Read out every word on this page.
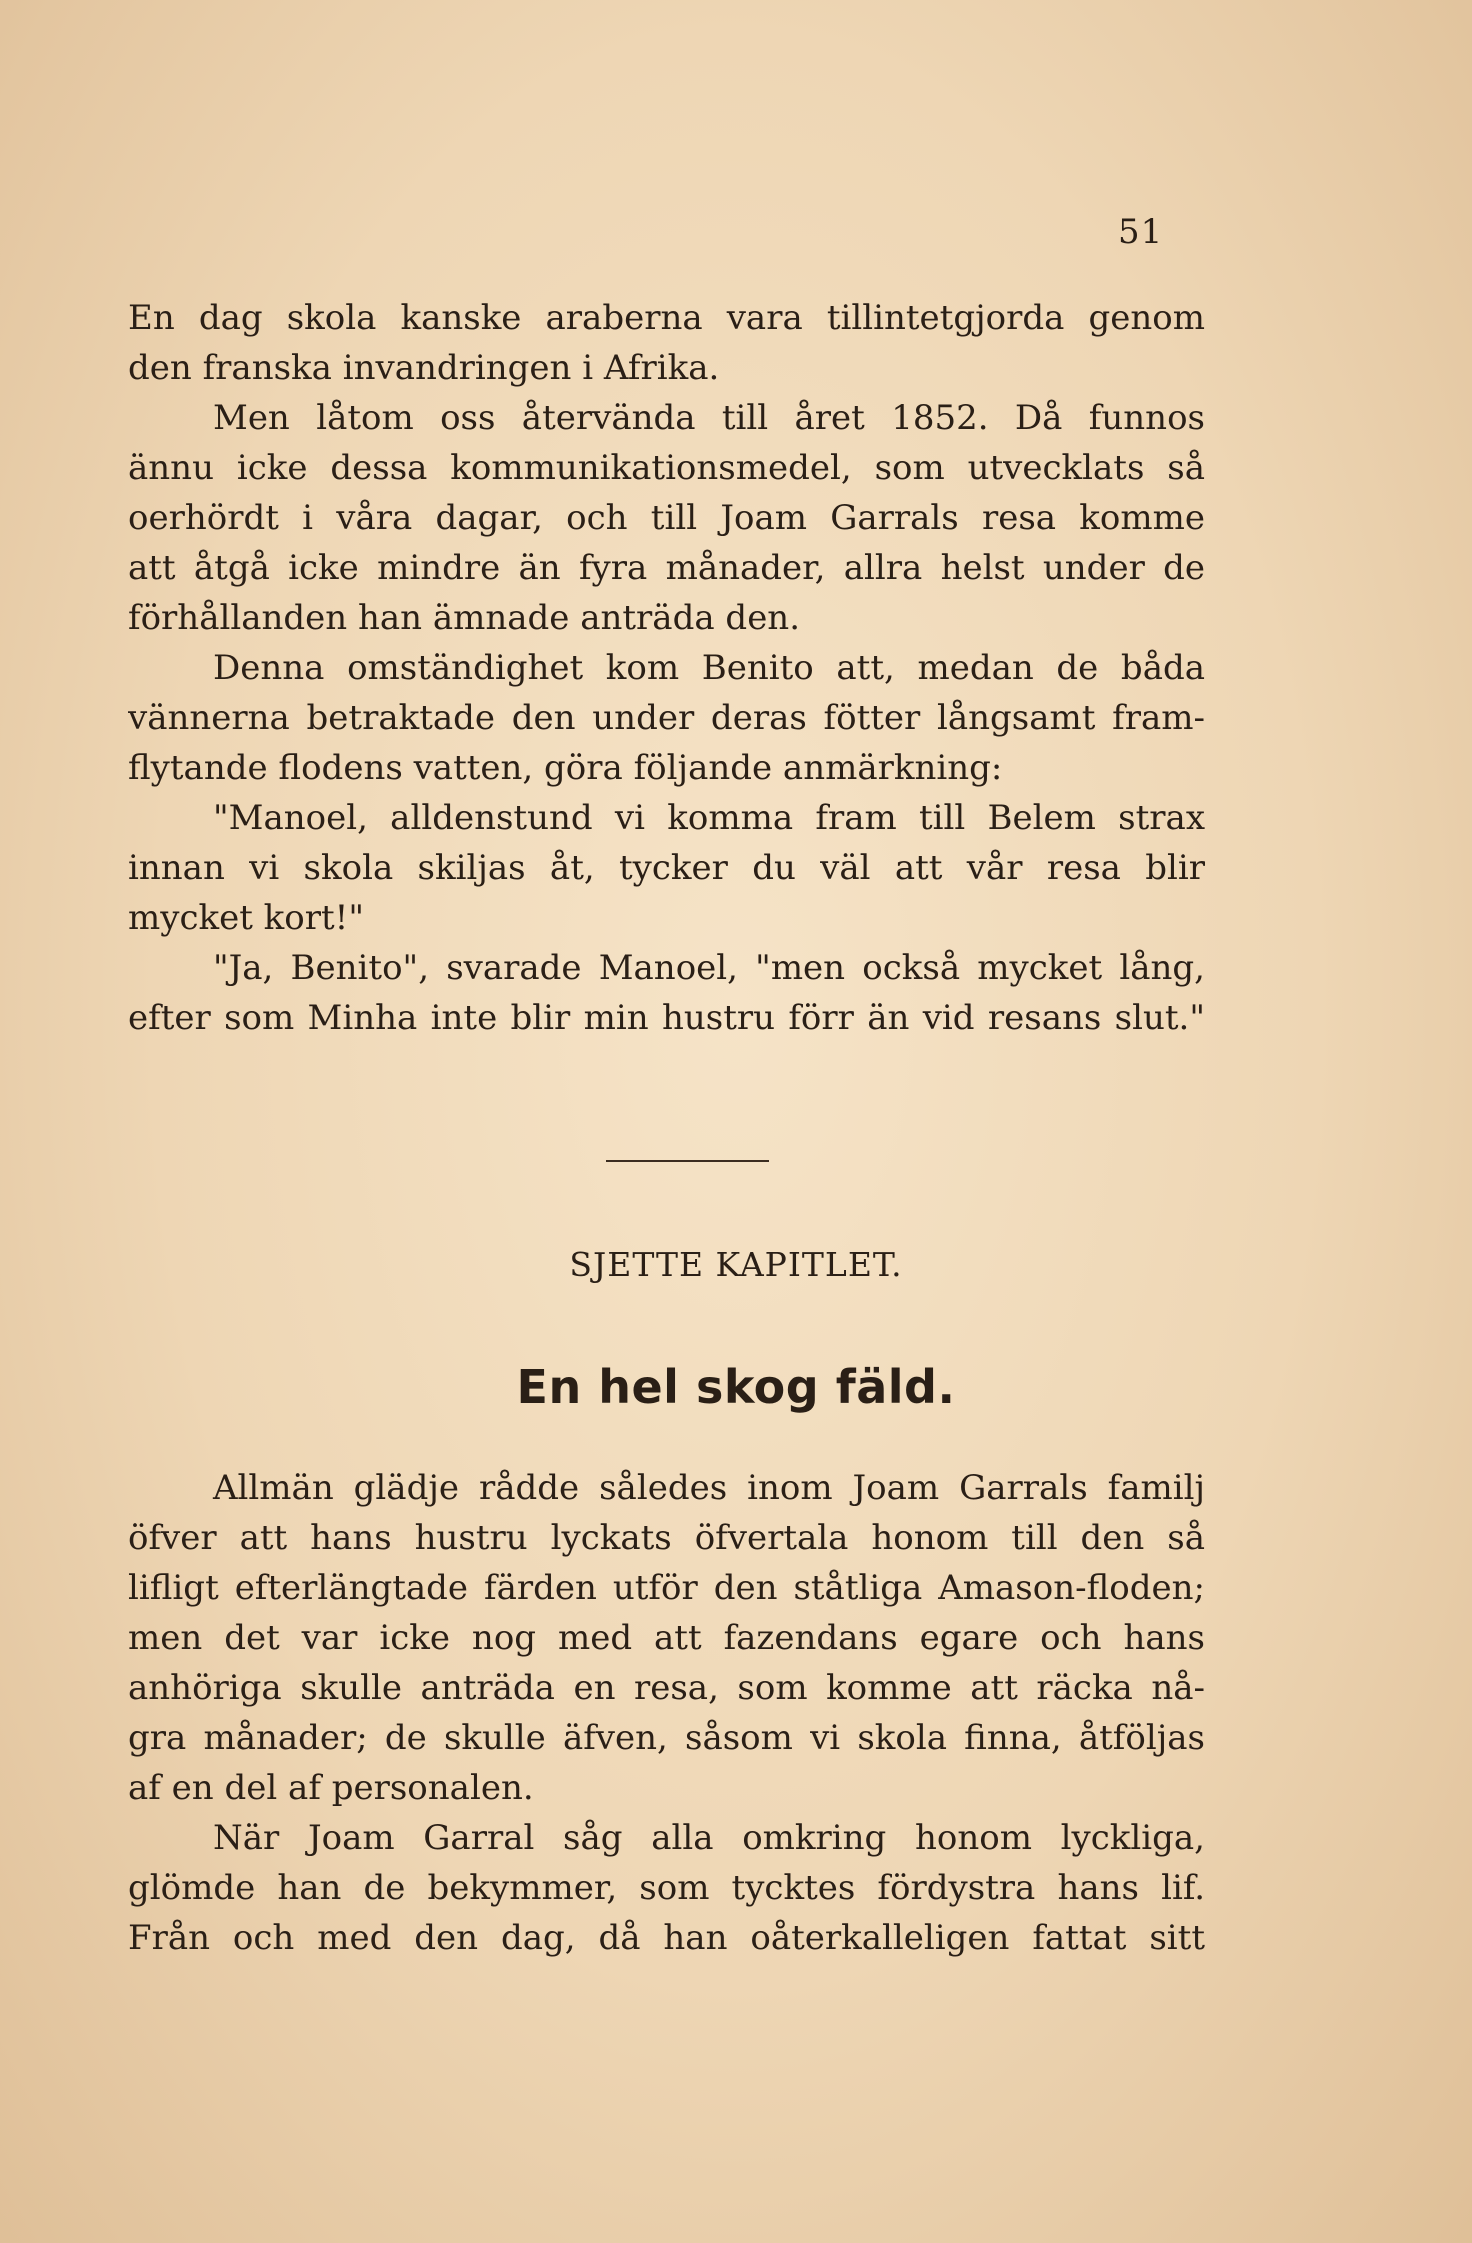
51
En dag skola kanske araberna vara tillintetgjorda genom
den franska invandringen i Afrika.
Men låtom oss återvända till året 1852. Då funnos
ännu icke dessa kommunikationsmedel, som utvecklats så
oerhördt i våra dagar, och till Joam Garrals resa komme
att åtgå icke mindre än fyra månader, allra helst under de
förhållanden han ämnade anträda den.
Denna omständighet kom Benito att, medan de båda
vännerna betraktade den under deras fötter långsamt fram-
flytande flodens vatten, göra följande anmärkning:
"Manoel, alldenstund vi komma fram till Belem strax
innan vi skola skiljas åt, tycker du väl att vår resa blir
mycket kort!"
"Ja, Benito", svarade Manoel, "men också mycket lång,
efter som Minha inte blir min hustru förr än vid resans slut."
SJETTE KAPITLET.
En hel skog fäld.
Allmän glädje rådde således inom Joam Garrals familj
öfver att hans hustru lyckats öfvertala honom till den så
lifligt efterlängtade färden utför den ståtliga Amason-floden;
men det var icke nog med att fazendans egare och hans
anhöriga skulle anträda en resa, som komme att räcka nå-
gra månader; de skulle äfven, såsom vi skola finna, åtföljas
af en del af personalen.
När Joam Garral såg alla omkring honom lyckliga,
glömde han de bekymmer, som tycktes fördystra hans lif.
Från och med den dag, då han oåterkalleligen fattat sitt
